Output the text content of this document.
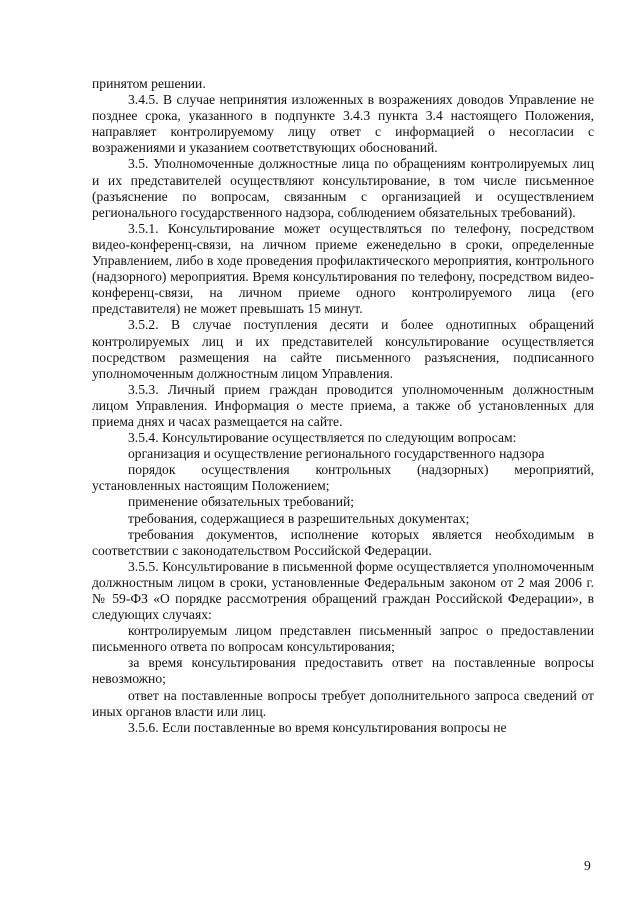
принятом решении.

3.4.5. В случае непринятия изложенных в возражениях доводов Управление не позднее срока, указанного в подпункте 3.4.3 пункта 3.4 настоящего Положения, направляет контролируемому лицу ответ с информацией о несогласии с возражениями и указанием соответствующих обоснований.

3.5. Уполномоченные должностные лица по обращениям контролируемых лиц и их представителей осуществляют консультирование, в том числе письменное (разъяснение по вопросам, связанным с организацией и осуществлением регионального государственного надзора, соблюдением обязательных требований).

3.5.1. Консультирование может осуществляться по телефону, посредством видео-конференц-связи, на личном приеме еженедельно в сроки, определенные Управлением, либо в ходе проведения профилактического мероприятия, контрольного (надзорного) мероприятия. Время консультирования по телефону, посредством видео-конференц-связи, на личном приеме одного контролируемого лица (его представителя) не может превышать 15 минут.

3.5.2. В случае поступления десяти и более однотипных обращений контролируемых лиц и их представителей консультирование осуществляется посредством размещения на сайте письменного разъяснения, подписанного уполномоченным должностным лицом Управления.

3.5.3. Личный прием граждан проводится уполномоченным должностным лицом Управления. Информация о месте приема, а также об установленных для приема днях и часах размещается на сайте.

3.5.4. Консультирование осуществляется по следующим вопросам:

организация и осуществление регионального государственного надзора

порядок осуществления контрольных (надзорных) мероприятий, установленных настоящим Положением;

применение обязательных требований;

требования, содержащиеся в разрешительных документах;

требования документов, исполнение которых является необходимым в соответствии с законодательством Российской Федерации.

3.5.5. Консультирование в письменной форме осуществляется уполномоченным должностным лицом в сроки, установленные Федеральным законом от 2 мая 2006 г. № 59-ФЗ «О порядке рассмотрения обращений граждан Российской Федерации», в следующих случаях:

контролируемым лицом представлен письменный запрос о предоставлении письменного ответа по вопросам консультирования;

за время консультирования предоставить ответ на поставленные вопросы невозможно;

ответ на поставленные вопросы требует дополнительного запроса сведений от иных органов власти или лиц.

3.5.6. Если поставленные во время консультирования вопросы не

9
